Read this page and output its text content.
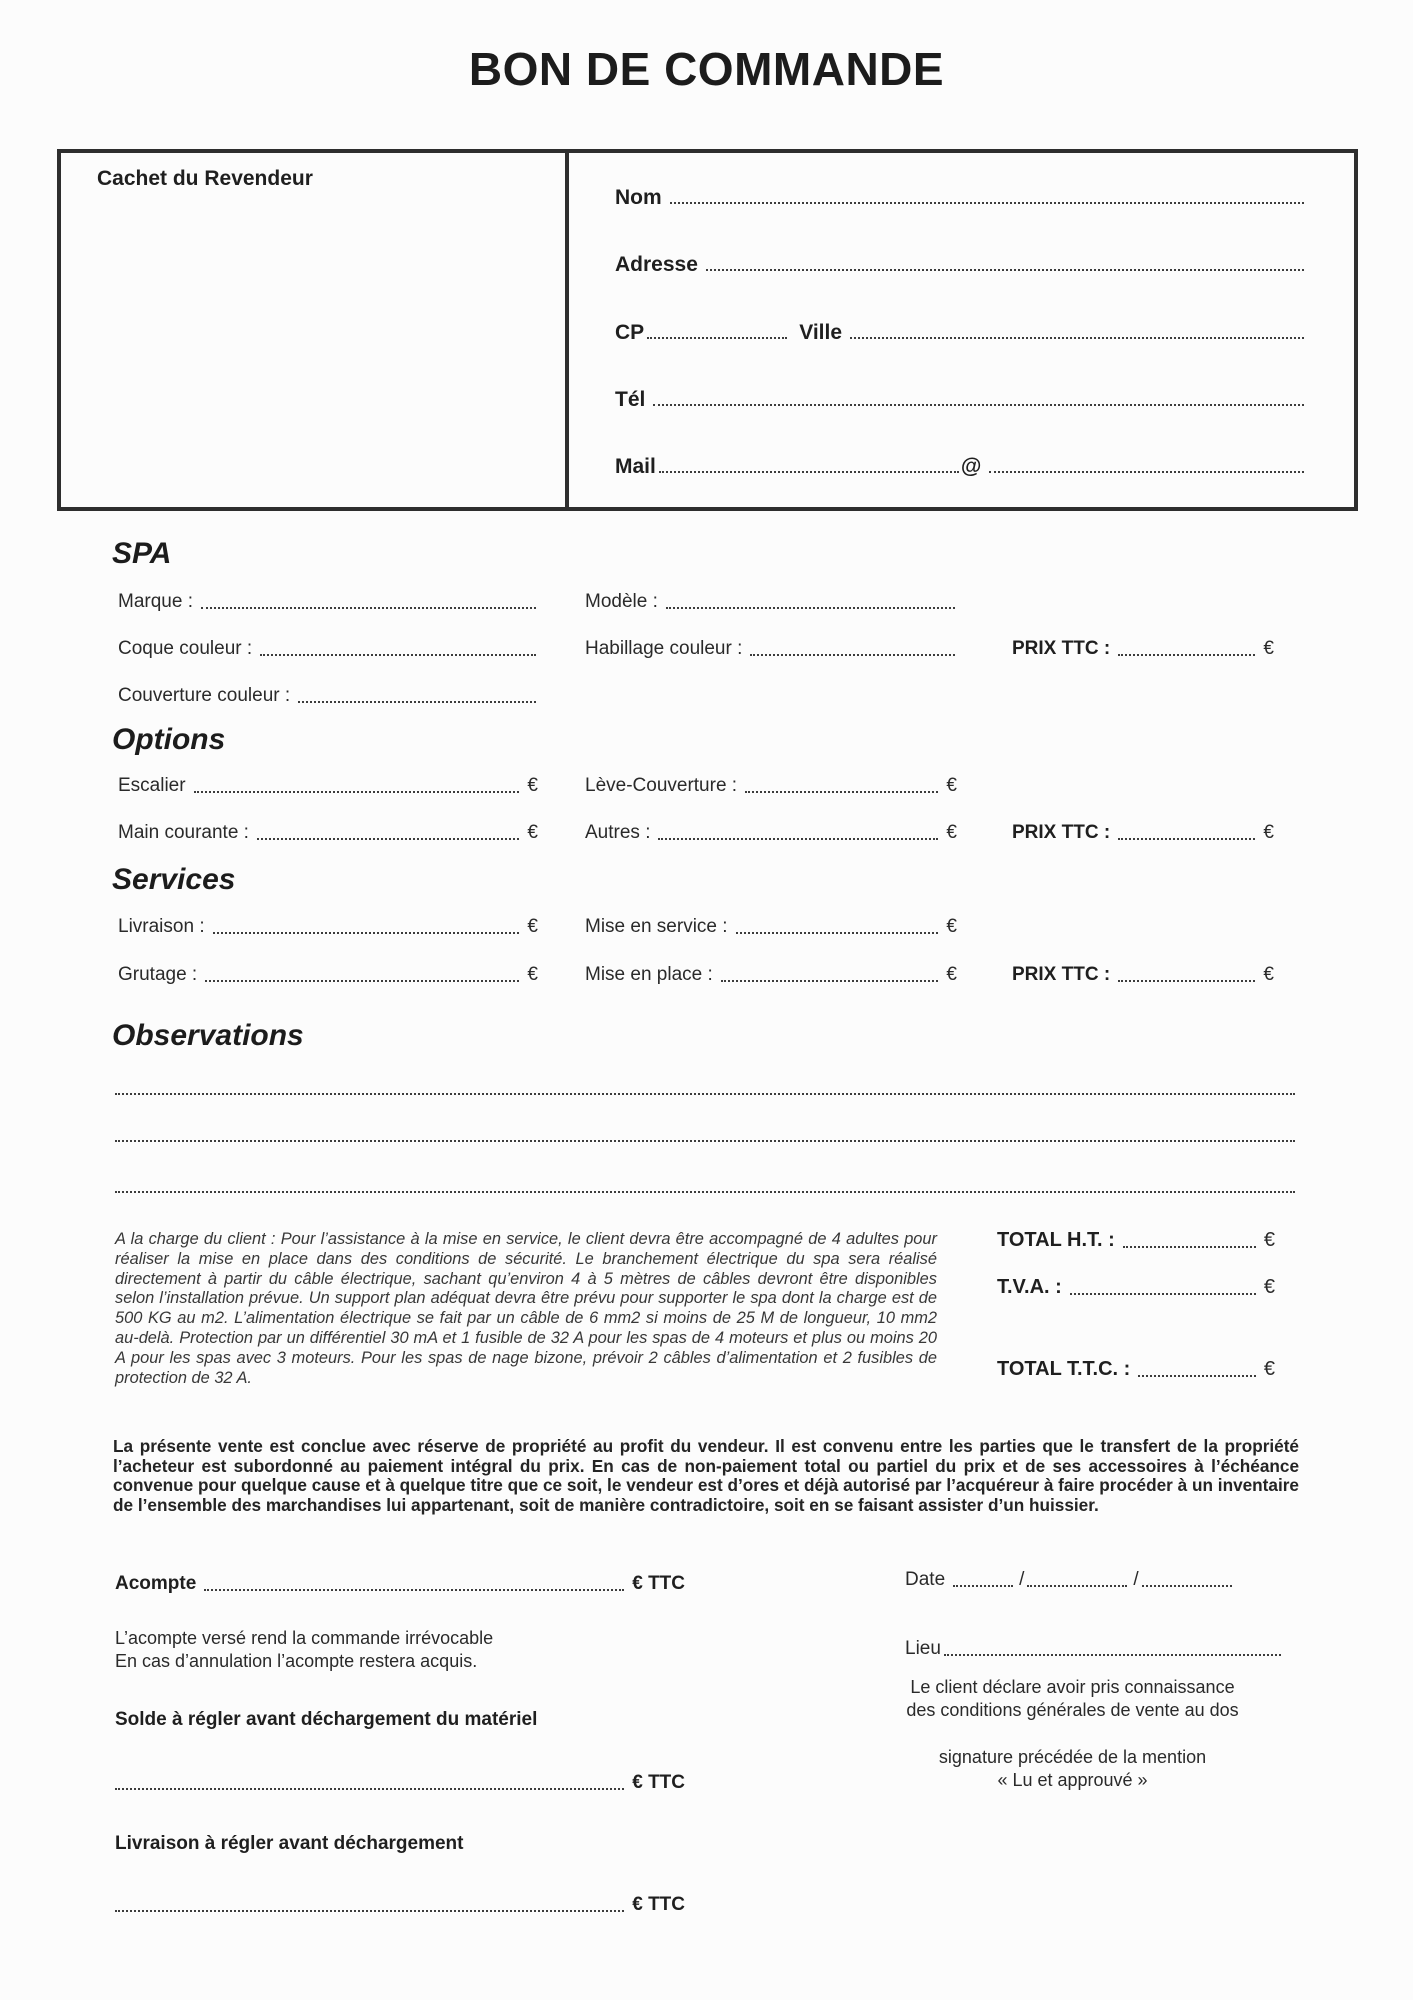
BON DE COMMANDE
Cachet du Revendeur
Nom
Adresse
CP	Ville
Tél
Mail	@
SPA
Marque :	Modèle :
Coque couleur :	Habillage couleur :	PRIX TTC :	€
Couverture couleur :
Options
Escalier	€ Lève-Couverture :	€
Main courante :	€ Autres :	€	PRIX TTC :	€
Services
Livraison :	€ Mise en service :	€
Grutage :	€ Mise en place :	€	PRIX TTC :	€
Observations
A la charge du client : Pour l’assistance à la mise en service, le client devra être accompagné de 4 adultes pour réaliser la mise en place dans des conditions de sécurité. Le branchement électrique du spa sera réalisé directement à partir du câble électrique, sachant qu’environ 4 à 5 mètres de câbles devront être disponibles selon l’installation prévue. Un support plan adéquat devra être prévu pour supporter le spa dont la charge est de 500 KG au m2. L’alimentation électrique se fait par un câble de 6 mm2 si moins de 25 M de longueur, 10 mm2 au-delà. Protection par un différentiel 30 mA et 1 fusible de 32 A pour les spas de 4 moteurs et plus ou moins 20 A pour les spas avec 3 moteurs. Pour les spas de nage bizone, prévoir 2 câbles d’alimentation et 2 fusibles de protection de 32 A.
TOTAL H.T. :	€
T.V.A. :	€
TOTAL T.T.C. :	€
La présente vente est conclue avec réserve de propriété au profit du vendeur. Il est convenu entre les parties que le transfert de la propriété l’acheteur est subordonné au paiement intégral du prix. En cas de non-paiement total ou partiel du prix et de ses accessoires à l’échéance convenue pour quelque cause et à quelque titre que ce soit, le vendeur est d’ores et déjà autorisé par l’acquéreur à faire procéder à un inventaire de l’ensemble des marchandises lui appartenant, soit de manière contradictoire, soit en se faisant assister d’un huissier.
Acompte	€ TTC
L’acompte versé rend la commande irrévocable
En cas d’annulation l’acompte restera acquis.
Solde à régler avant déchargement du matériel
€ TTC
Livraison à régler avant déchargement
€ TTC
Date	/	/
Lieu
Le client déclare avoir pris connaissance
des conditions générales de vente au dos
signature précédée de la mention
« Lu et approuvé »
